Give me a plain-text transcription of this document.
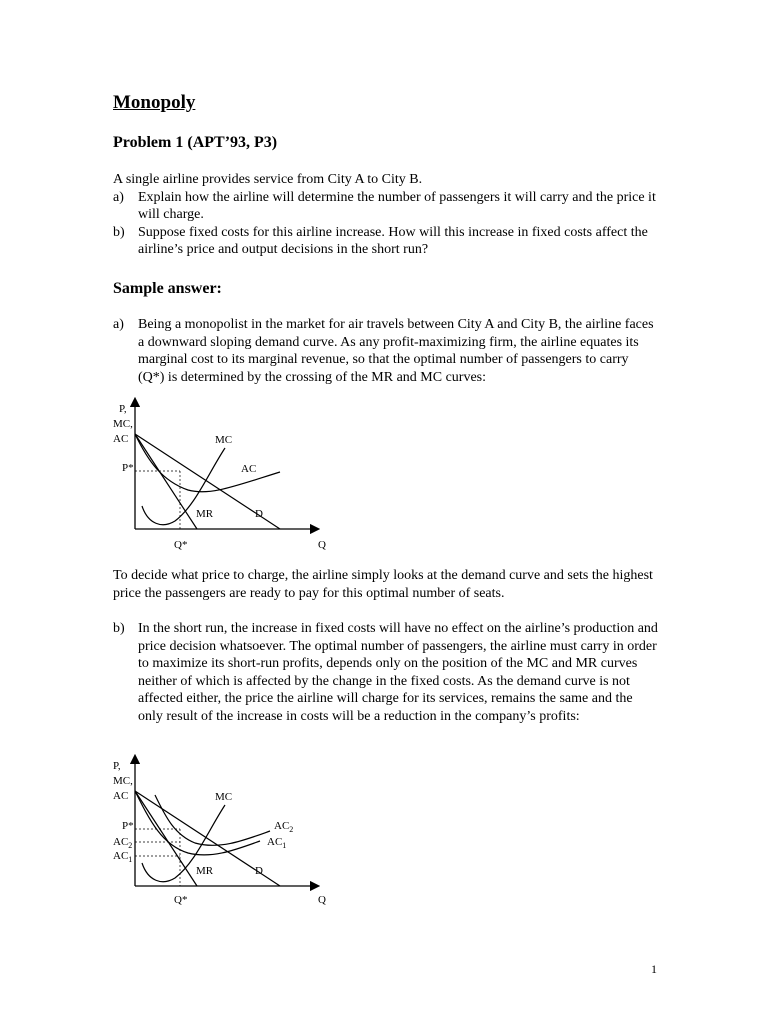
Monopoly
Problem 1 (APT’93, P3)
A single airline provides service from City A to City B.
a) Explain how the airline will determine the number of passengers it will carry and the price it will charge.
b) Suppose fixed costs for this airline increase. How will this increase in fixed costs affect the airline’s price and output decisions in the short run?
Sample answer:
a) Being a monopolist in the market for air travels between City A and City B, the airline faces a downward sloping demand curve. As any profit-maximizing firm, the airline equates its marginal cost to its marginal revenue, so that the optimal number of passengers to carry (Q*) is determined by the crossing of the MR and MC curves:
P,
MC,
AC
P*
MC
AC
MR	D
Q*	Q
To decide what price to charge, the airline simply looks at the demand curve and sets the highest price the passengers are ready to pay for this optimal number of seats.
b) In the short run, the increase in fixed costs will have no effect on the airline’s production and price decision whatsoever. The optimal number of passengers, the airline must carry in order to maximize its short-run profits, depends only on the position of the MC and MR curves neither of which is affected by the change in the fixed costs. As the demand curve is not affected either, the price the airline will charge for its services, remains the same and the only result of the increase in costs will be a reduction in the company’s profits:
P,
MC,
AC
P*
$AC_2$
$AC_1$
MC
$AC_2$
$AC_1$
MR	D
Q*	Q
1
